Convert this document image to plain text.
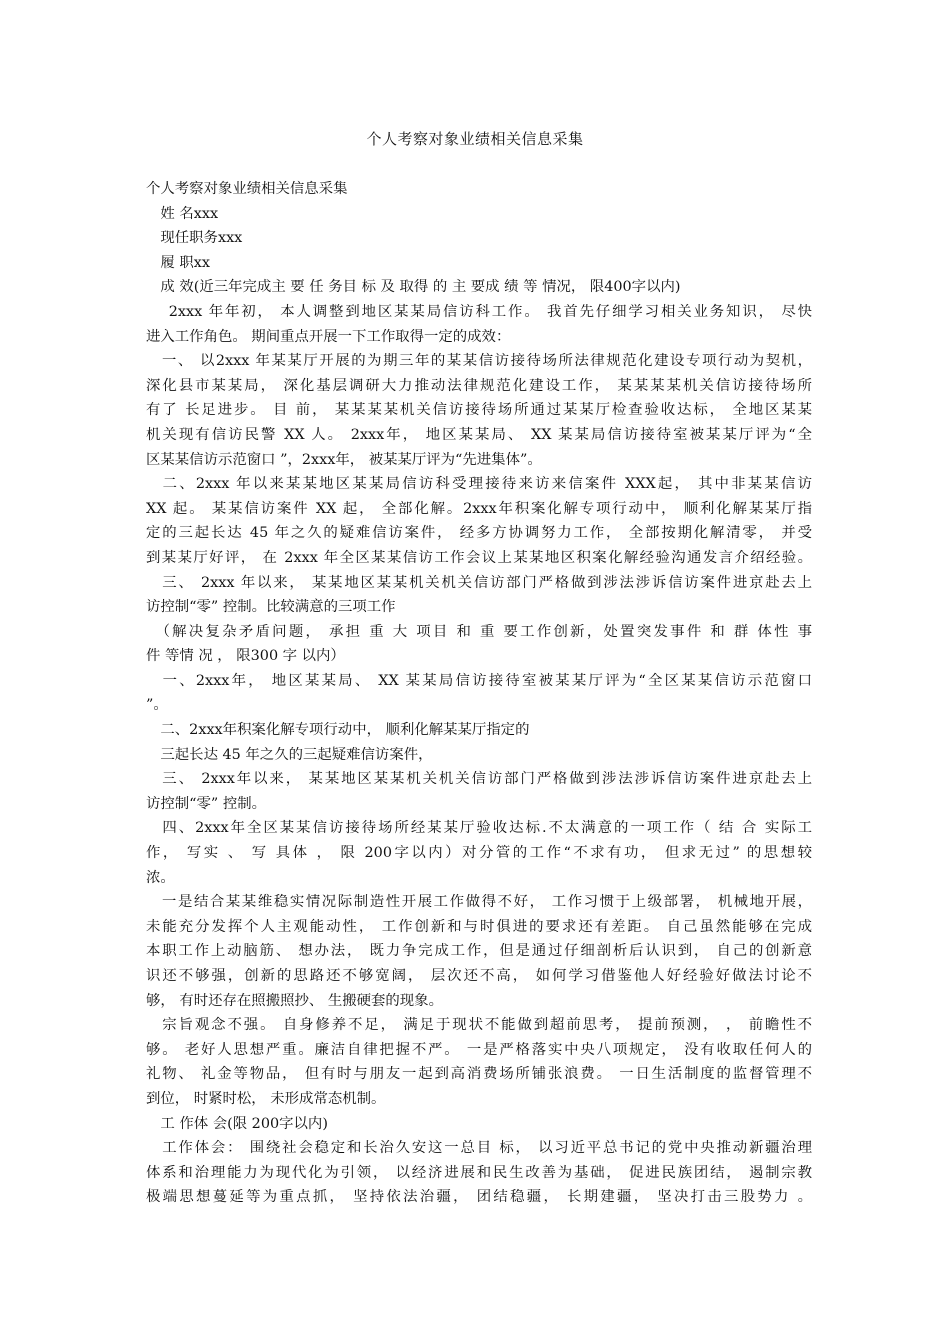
个人考察对象业绩相关信息采集
个人考察对象业绩相关信息采集
　姓 名xxx
　现任职务xxx
　履 职xx
　成 效(近三年完成主 要 任 务目 标 及 取得 的 主 要成 绩 等 情况， 限400字以内)
　 2xxx 年年初， 本人调整到地区某某局信访科工作。 我首先仔细学习相关业务知识， 尽快
进入工作角色。 期间重点开展一下工作取得一定的成效：
　一、 以2xxx 年某某厅开展的为期三年的某某信访接待场所法律规范化建设专项行动为契机，
深化县市某某局， 深化基层调研大力推动法律规范化建设工作， 某某某某机关信访接待场所
有了 长足进步。 目 前， 某某某某机关信访接待场所通过某某厅检查验收达标， 全地区某某
机关现有信访民警 XX 人。 2xxx年， 地区某某局、 XX 某某局信访接待室被某某厅评为“全
区某某信访示范窗口 ”，2xxx年， 被某某厅评为“先进集体”。
　二、2xxx 年以来某某地区某某局信访科受理接待来访来信案件 XXX起， 其中非某某信访
XX 起。 某某信访案件 XX 起， 全部化解。2xxx年积案化解专项行动中， 顺利化解某某厅指
定的三起长达 45 年之久的疑难信访案件， 经多方协调努力工作， 全部按期化解清零， 并受
到某某厅好评， 在 2xxx 年全区某某信访工作会议上某某地区积案化解经验沟通发言介绍经验。
　三、 2xxx 年以来， 某某地区某某机关机关信访部门严格做到涉法涉诉信访案件进京赴去上
访控制“零” 控制。比较满意的三项工作
　（解决复杂矛盾问题， 承担 重 大 项目 和 重 要工作创新，处置突发事件 和 群 体性 事
件 等情 况 ， 限300 字 以内）
　一、2xxx年， 地区某某局、 XX 某某局信访接待室被某某厅评为“全区某某信访示范窗口
”。
　二、2xxx年积案化解专项行动中， 顺利化解某某厅指定的
　三起长达 45 年之久的三起疑难信访案件，
　三、 2xxx年以来， 某某地区某某机关机关信访部门严格做到涉法涉诉信访案件进京赴去上
访控制“零” 控制。
　四、2xxx年全区某某信访接待场所经某某厅验收达标.不太满意的一项工作（ 结 合 实际工
作， 写实 、 写 具体 ， 限 200字以内）对分管的工作“不求有功， 但求无过” 的思想较
浓。
　一是结合某某维稳实情况际制造性开展工作做得不好， 工作习惯于上级部署， 机械地开展，
未能充分发挥个人主观能动性， 工作创新和与时俱进的要求还有差距。 自己虽然能够在完成
本职工作上动脑筋、 想办法， 既力争完成工作，但是通过仔细剖析后认识到， 自己的创新意
识还不够强，创新的思路还不够宽阔， 层次还不高， 如何学习借鉴他人好经验好做法讨论不
够， 有时还存在照搬照抄、 生搬硬套的现象。
　宗旨观念不强。 自身修养不足， 满足于现状不能做到超前思考， 提前预测， ， 前瞻性不
够。 老好人思想严重。廉洁自律把握不严。 一是严格落实中央八项规定， 没有收取任何人的
礼物、 礼金等物品， 但有时与朋友一起到高消费场所铺张浪费。 一日生活制度的监督管理不
到位， 时紧时松， 未形成常态机制。
　工 作体 会(限 200字以内)
　工作体会： 围绕社会稳定和长治久安这一总目 标， 以习近平总书记的党中央推动新疆治理
体系和治理能力为现代化为引领， 以经济进展和民生改善为基础， 促进民族团结， 遏制宗教
极端思想蔓延等为重点抓， 坚持依法治疆， 团结稳疆， 长期建疆， 坚决打击三股势力 。
